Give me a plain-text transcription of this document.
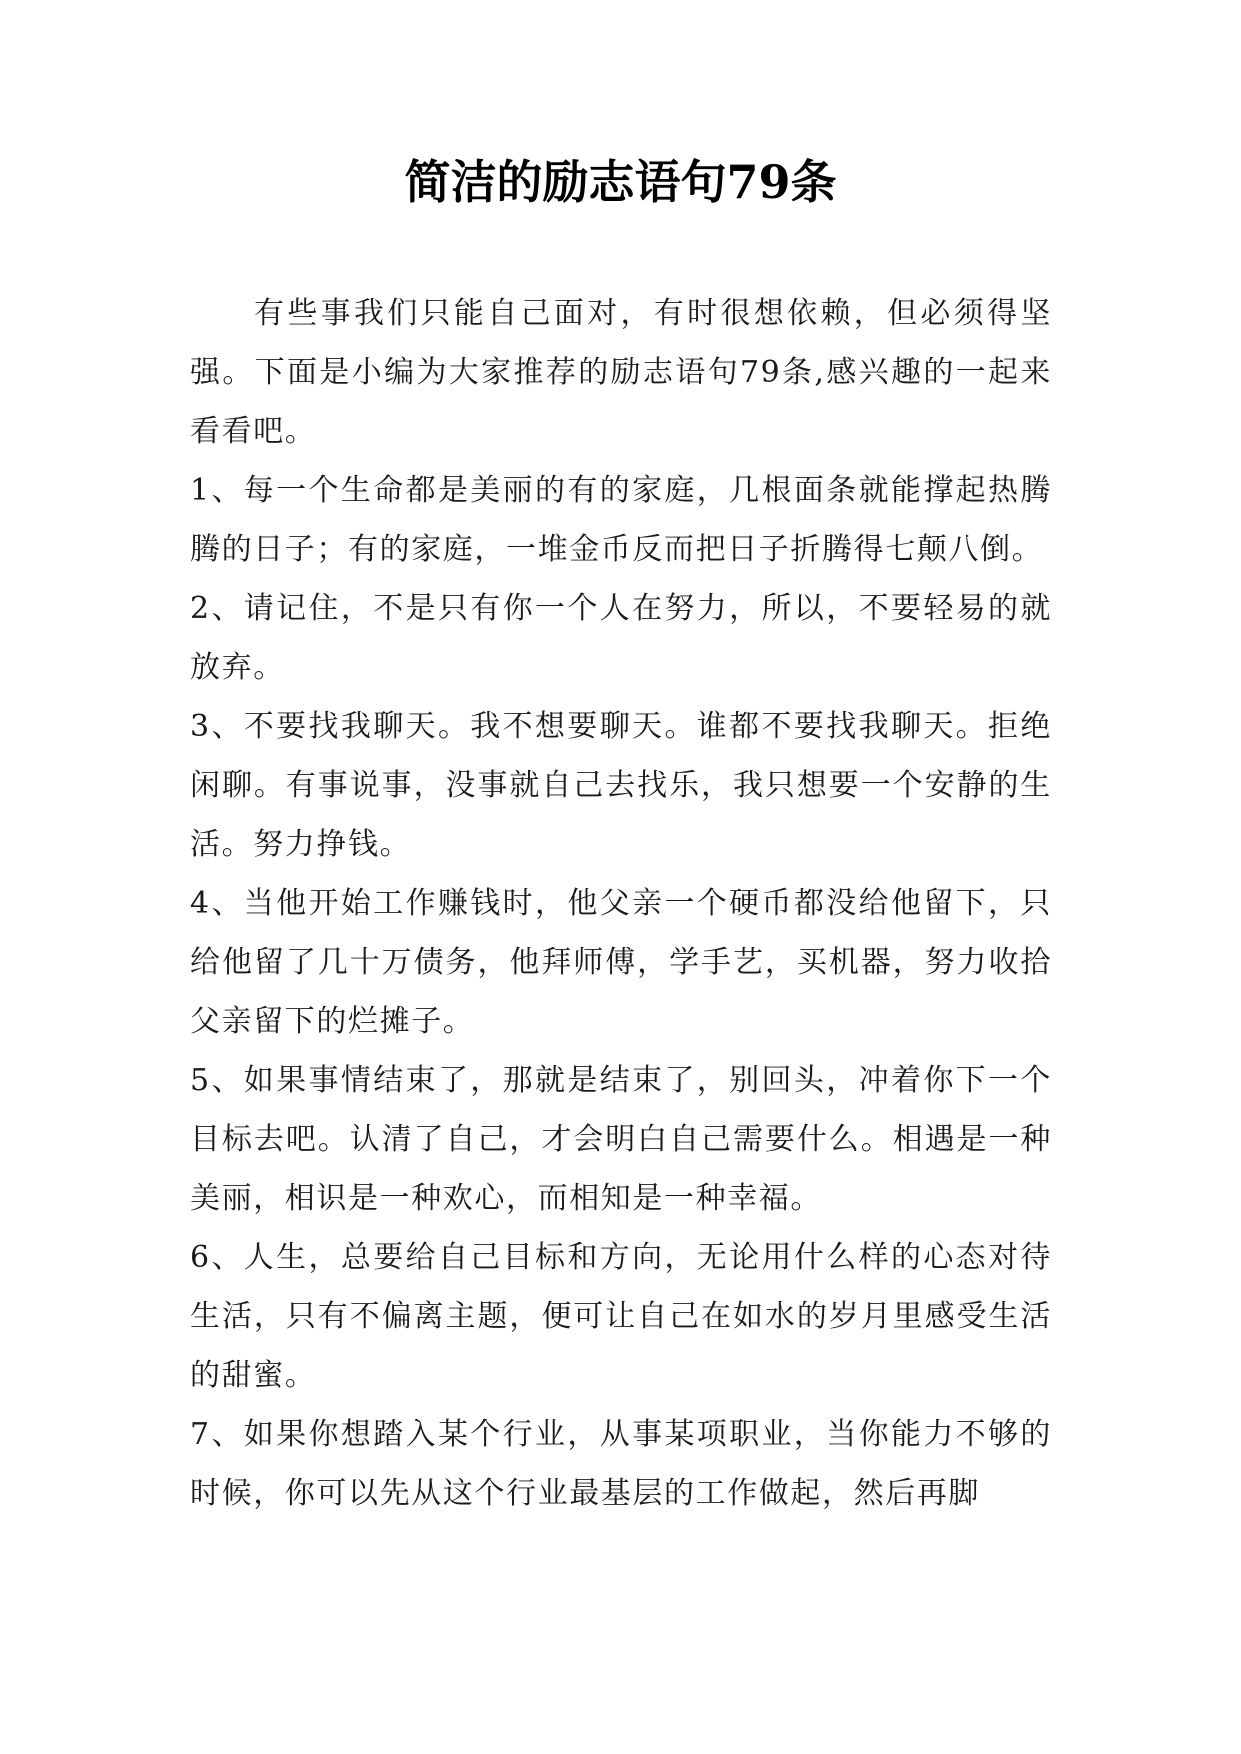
简洁的励志语句79条

有些事我们只能自己面对，有时很想依赖，但必须得坚强。下面是小编为大家推荐的励志语句79条,感兴趣的一起来看看吧。

1、每一个生命都是美丽的有的家庭，几根面条就能撑起热腾腾的日子；有的家庭，一堆金币反而把日子折腾得七颠八倒。

2、请记住，不是只有你一个人在努力，所以，不要轻易的就放弃。

3、不要找我聊天。我不想要聊天。谁都不要找我聊天。拒绝闲聊。有事说事，没事就自己去找乐，我只想要一个安静的生活。努力挣钱。

4、当他开始工作赚钱时，他父亲一个硬币都没给他留下，只给他留了几十万债务，他拜师傅，学手艺，买机器，努力收拾父亲留下的烂摊子。

5、如果事情结束了，那就是结束了，别回头，冲着你下一个目标去吧。认清了自己，才会明白自己需要什么。相遇是一种美丽，相识是一种欢心，而相知是一种幸福。

6、人生，总要给自己目标和方向，无论用什么样的心态对待生活，只有不偏离主题，便可让自己在如水的岁月里感受生活的甜蜜。

7、如果你想踏入某个行业，从事某项职业，当你能力不够的时候，你可以先从这个行业最基层的工作做起，然后再脚
